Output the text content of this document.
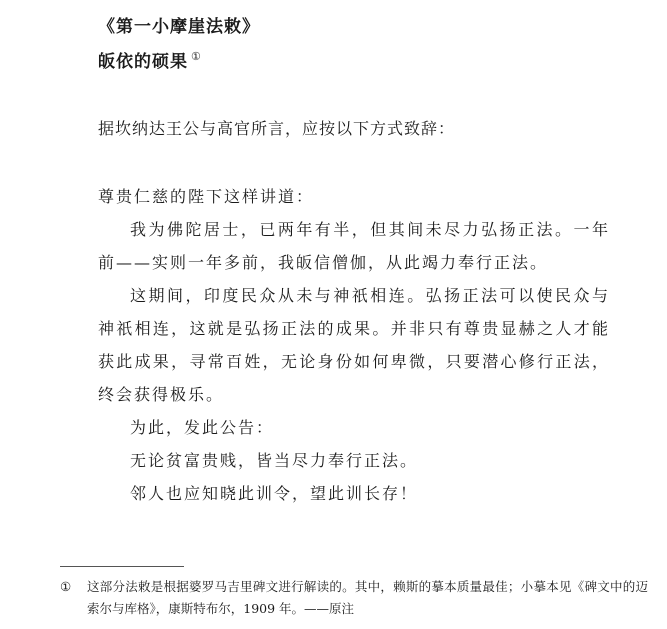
《第一小摩崖法敕》
皈依的硕果 ①
据坎纳达王公与高官所言，应按以下方式致辞：

尊贵仁慈的陛下这样讲道：

我为佛陀居士，已两年有半，但其间未尽力弘扬正法。一年前——实则一年多前，我皈信僧伽，从此竭力奉行正法。

这期间，印度民众从未与神祇相连。弘扬正法可以使民众与神祇相连，这就是弘扬正法的成果。并非只有尊贵显赫之人才能获此成果，寻常百姓，无论身份如何卑微，只要潜心修行正法，终会获得极乐。

为此，发此公告：

无论贫富贵贱，皆当尽力奉行正法。

邻人也应知晓此训令，望此训长存！

① 这部分法敕是根据婆罗马吉里碑文进行解读的。其中，赖斯的摹本质量最佳；小摹本见《碑文中的迈索尔与库格》，康斯特布尔，1909 年。——原注
